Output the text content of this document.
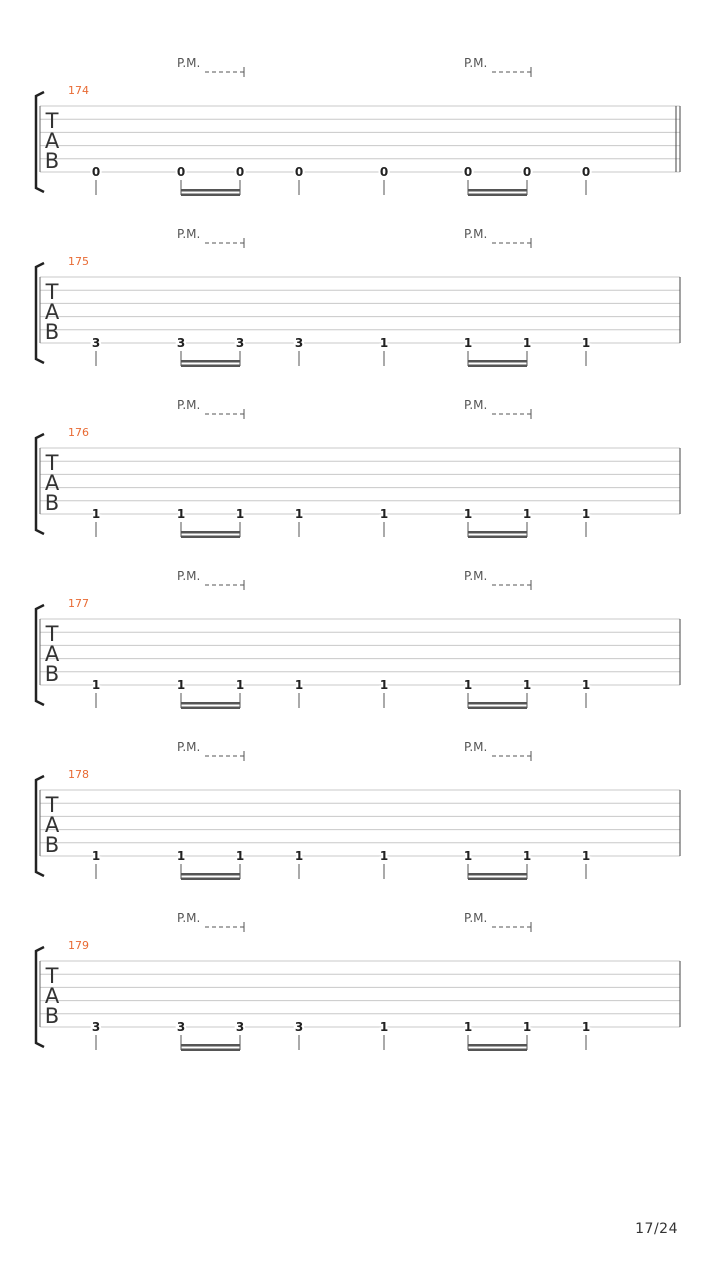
P.M.	P.M.
174
T
A
B	0	0	0	0	0	0	0	0
P.M.	P.M.
175
T
A
B	3	3	3	3	1	1	1	1
P.M.	P.M.
176
T
A
B	1	1	1	1	1	1	1	1
P.M.	P.M.
177
T
A
B	1	1	1	1	1	1	1	1
P.M.	P.M.
178
T
A
B	1	1	1	1	1	1	1	1
P.M.	P.M.
179
T
A
B	3	3	3	3	1	1	1	1
17/24
